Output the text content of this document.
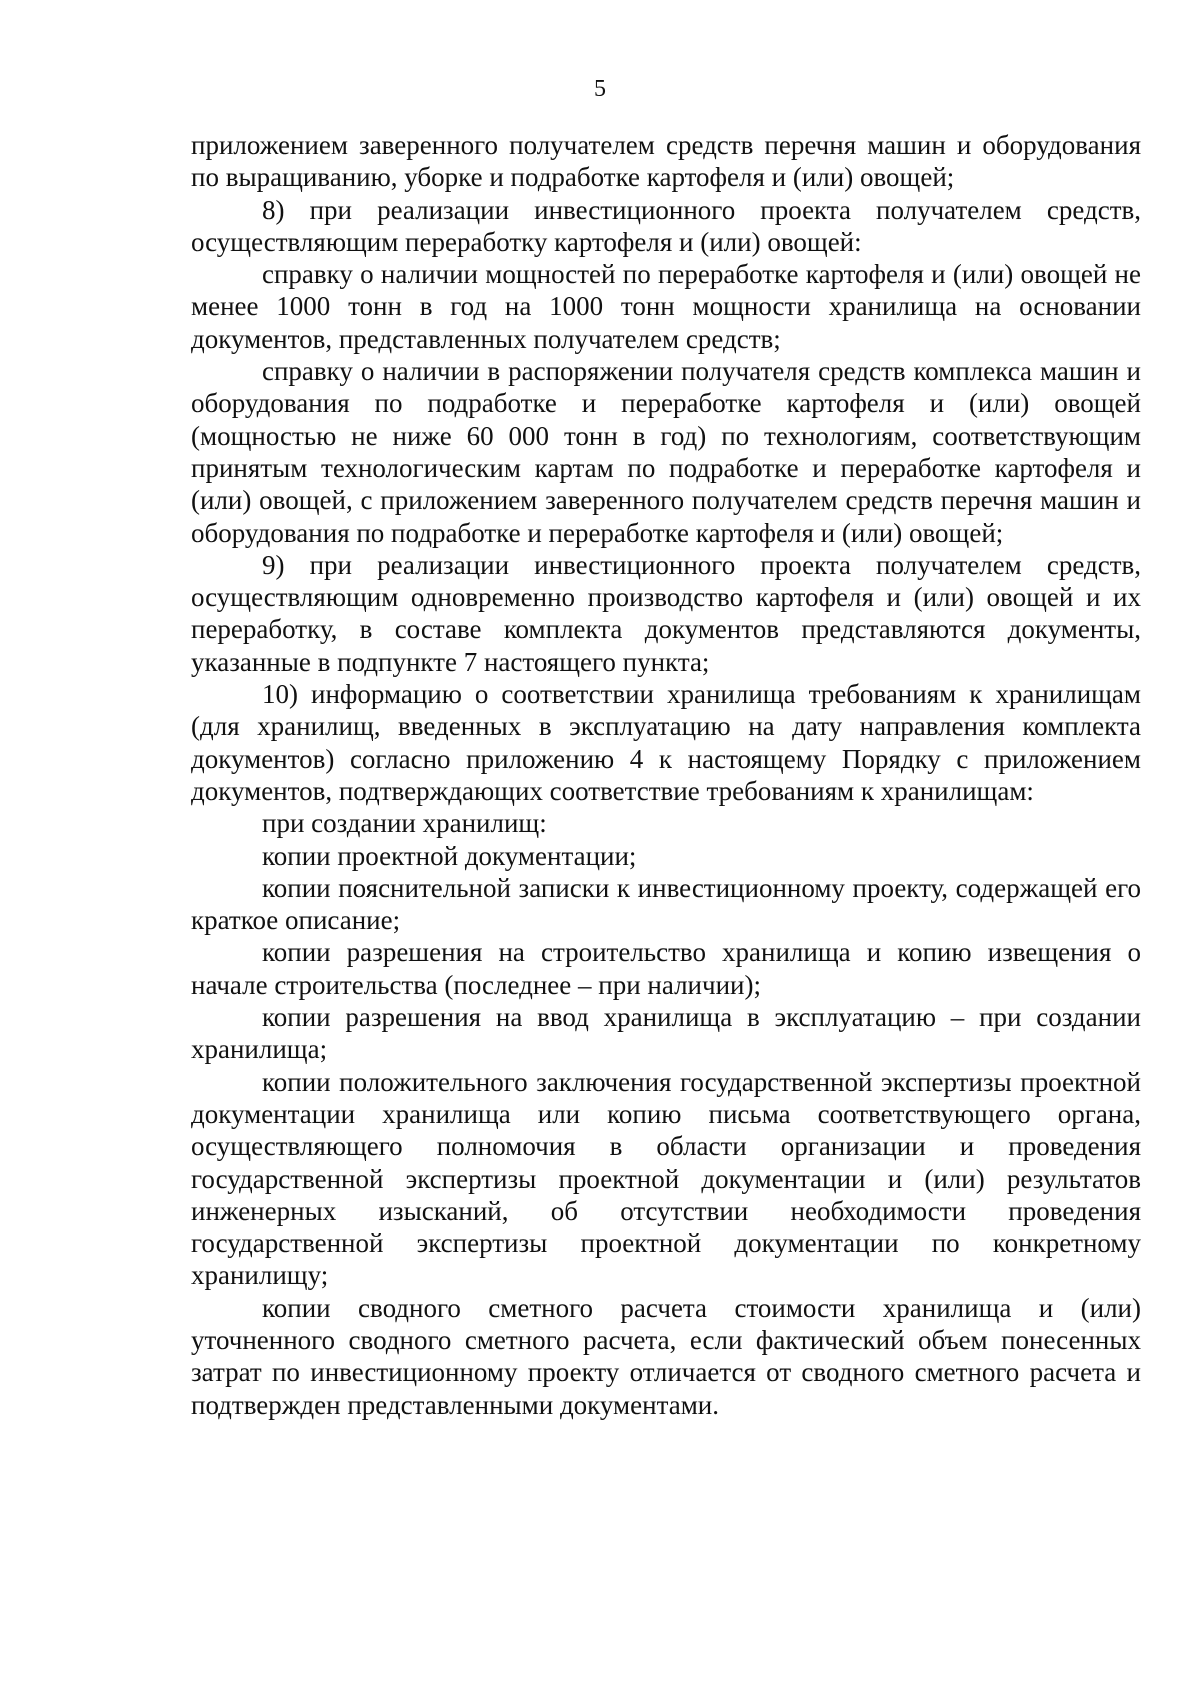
5

приложением заверенного получателем средств перечня машин и оборудования по выращиванию, уборке и подработке картофеля и (или) овощей;

8) при реализации инвестиционного проекта получателем средств, осуществляющим переработку картофеля и (или) овощей:

справку о наличии мощностей по переработке картофеля и (или) овощей не менее 1000 тонн в год на 1000 тонн мощности хранилища на основании документов, представленных получателем средств;

справку о наличии в распоряжении получателя средств комплекса машин и оборудования по подработке и переработке картофеля и (или) овощей (мощностью не ниже 60 000 тонн в год) по технологиям, соответствующим принятым технологическим картам по подработке и переработке картофеля и (или) овощей, с приложением заверенного получателем средств перечня машин и оборудования по подработке и переработке картофеля и (или) овощей;

9) при реализации инвестиционного проекта получателем средств, осуществляющим одновременно производство картофеля и (или) овощей и их переработку, в составе комплекта документов представляются документы, указанные в подпункте 7 настоящего пункта;

10) информацию о соответствии хранилища требованиям к хранилищам (для хранилищ, введенных в эксплуатацию на дату направления комплекта документов) согласно приложению 4 к настоящему Порядку с приложением документов, подтверждающих соответствие требованиям к хранилищам:

при создании хранилищ:

копии проектной документации;

копии пояснительной записки к инвестиционному проекту, содержащей его краткое описание;

копии разрешения на строительство хранилища и копию извещения о начале строительства (последнее – при наличии);

копии разрешения на ввод хранилища в эксплуатацию – при создании хранилища;

копии положительного заключения государственной экспертизы проектной документации хранилища или копию письма соответствующего органа, осуществляющего полномочия в области организации и проведения государственной экспертизы проектной документации и (или) результатов инженерных изысканий, об отсутствии необходимости проведения государственной экспертизы проектной документации по конкретному хранилищу;

копии сводного сметного расчета стоимости хранилища и (или) уточненного сводного сметного расчета, если фактический объем понесенных затрат по инвестиционному проекту отличается от сводного сметного расчета и подтвержден представленными документами.
